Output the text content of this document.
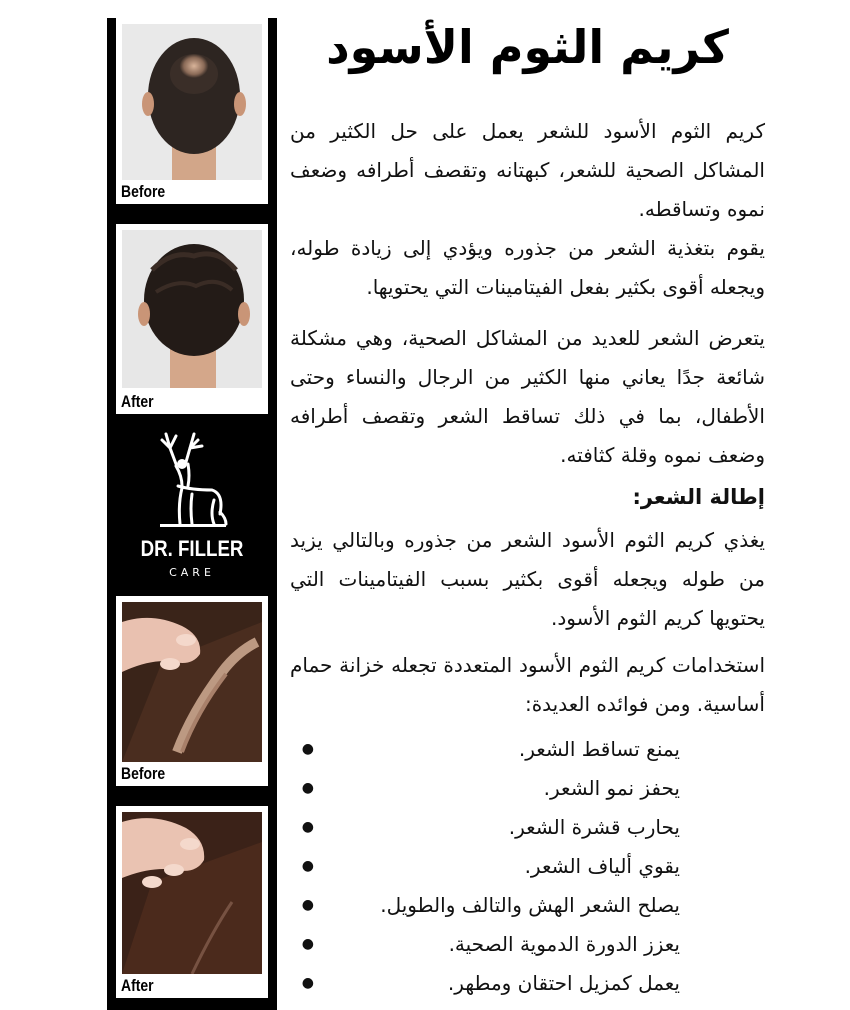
Before
After
DR. FILLER
CARE
Before
After
كريم الثوم الأسود

كريم الثوم الأسود للشعر يعمل على حل الكثير من المشاكل الصحية للشعر، كبهتانه وتقصف أطرافه وضعف نموه وتساقطه.

يقوم بتغذية الشعر من جذوره ويؤدي إلى زيادة طوله، ويجعله أقوى بكثير بفعل الفيتامينات التي يحتويها.

يتعرض الشعر للعديد من المشاكل الصحية، وهي مشكلة شائعة جدًا يعاني منها الكثير من الرجال والنساء وحتى الأطفال، بما في ذلك تساقط الشعر وتقصف أطرافه وضعف نموه وقلة كثافته.

إطالة الشعر:

يغذي كريم الثوم الأسود الشعر من جذوره وبالتالي يزيد من طوله ويجعله أقوى بكثير بسبب الفيتامينات التي يحتويها كريم الثوم الأسود.

استخدامات كريم الثوم الأسود المتعددة تجعله خزانة حمام أساسية. ومن فوائده العديدة:

●	يمنع تساقط الشعر.
●	يحفز نمو الشعر.
●	يحارب قشرة الشعر.
●	يقوي ألياف الشعر.
●	يصلح الشعر الهش والتالف والطويل.
●	يعزز الدورة الدموية الصحية.
●	يعمل كمزيل احتقان ومطهر.
